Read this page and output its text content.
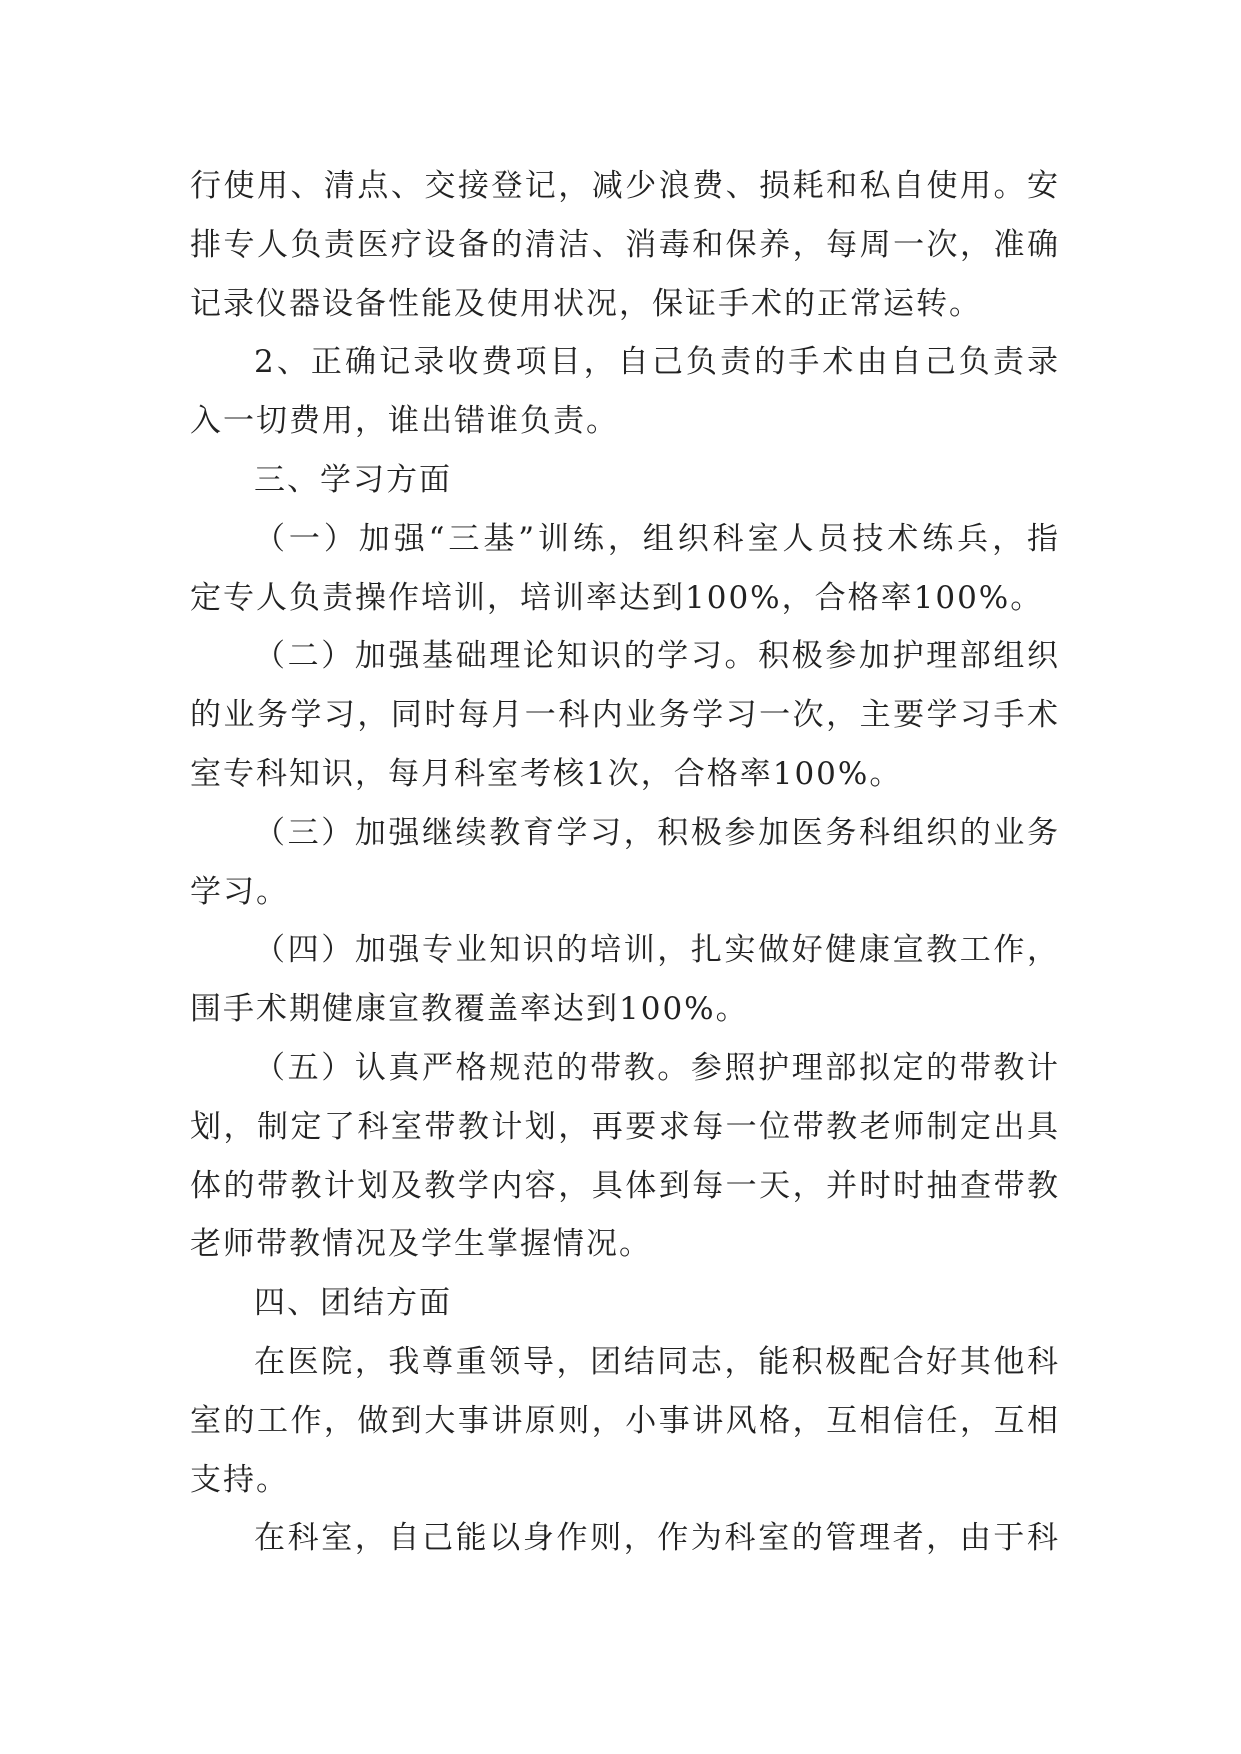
行使用、清点、交接登记，减少浪费、损耗和私自使用。安
排专人负责医疗设备的清洁、消毒和保养，每周一次，准确
记录仪器设备性能及使用状况，保证手术的正常运转。
2、正确记录收费项目，自己负责的手术由自己负责录
入一切费用，谁出错谁负责。
三、学习方面
（一）加强“三基”训练，组织科室人员技术练兵，指
定专人负责操作培训，培训率达到100%，合格率100%。
（二）加强基础理论知识的学习。积极参加护理部组织
的业务学习，同时每月一科内业务学习一次，主要学习手术
室专科知识，每月科室考核1次，合格率100%。
（三）加强继续教育学习，积极参加医务科组织的业务
学习。
（四）加强专业知识的培训，扎实做好健康宣教工作，
围手术期健康宣教覆盖率达到100%。
（五）认真严格规范的带教。参照护理部拟定的带教计
划，制定了科室带教计划，再要求每一位带教老师制定出具
体的带教计划及教学内容，具体到每一天，并时时抽查带教
老师带教情况及学生掌握情况。
四、团结方面
在医院，我尊重领导，团结同志，能积极配合好其他科
室的工作，做到大事讲原则，小事讲风格，互相信任，互相
支持。
在科室，自己能以身作则，作为科室的管理者，由于科
